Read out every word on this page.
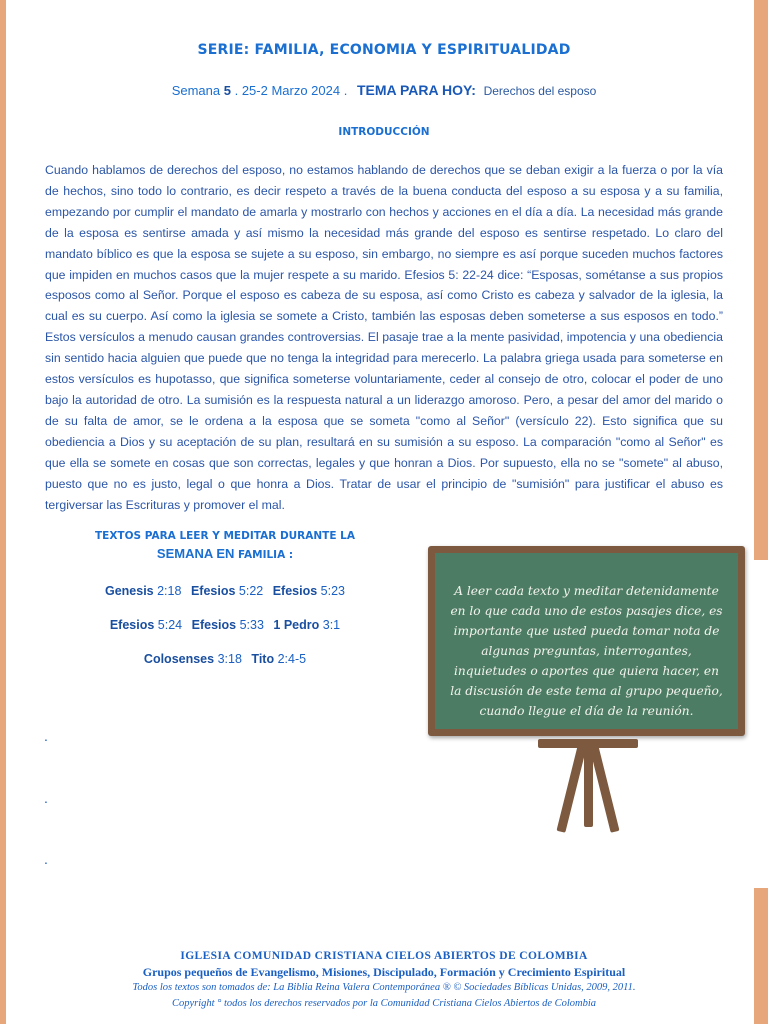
SERIE: FAMILIA, ECONOMIA Y ESPIRITUALIDAD
Semana 5 . 25-2 Marzo 2024 . TEMA PARA HOY: Derechos del esposo
INTRODUCCIÓN
Cuando hablamos de derechos del esposo, no estamos hablando de derechos que se deban exigir a la fuerza o por la vía de hechos, sino todo lo contrario, es decir respeto a través de la buena conducta del esposo a su esposa y a su familia, empezando por cumplir el mandato de amarla y mostrarlo con hechos y acciones en el día a día. La necesidad más grande de la esposa es sentirse amada y así mismo la necesidad más grande del esposo es sentirse respetado. Lo claro del mandato bíblico es que la esposa se sujete a su esposo, sin embargo, no siempre es así porque suceden muchos factores que impiden en muchos casos que la mujer respete a su marido. Efesios 5: 22-24 dice: “Esposas, sométanse a sus propios esposos como al Señor. Porque el esposo es cabeza de su esposa, así como Cristo es cabeza y salvador de la iglesia, la cual es su cuerpo. Así como la iglesia se somete a Cristo, también las esposas deben someterse a sus esposos en todo.” Estos versículos a menudo causan grandes controversias. El pasaje trae a la mente pasividad, impotencia y una obediencia sin sentido hacia alguien que puede que no tenga la integridad para merecerlo. La palabra griega usada para someterse en estos versículos es hupotasso, que significa someterse voluntariamente, ceder al consejo de otro, colocar el poder de uno bajo la autoridad de otro. La sumisión es la respuesta natural a un liderazgo amoroso. Pero, a pesar del amor del marido o de su falta de amor, se le ordena a la esposa que se someta "como al Señor" (versículo 22). Esto significa que su obediencia a Dios y su aceptación de su plan, resultará en su sumisión a su esposo. La comparación "como al Señor" es que ella se somete en cosas que son correctas, legales y que honran a Dios. Por supuesto, ella no se "somete" al abuso, puesto que no es justo, legal o que honra a Dios. Tratar de usar el principio de "sumisión" para justificar el abuso es tergiversar las Escrituras y promover el mal.
TEXTOS PARA LEER Y MEDITAR DURANTE LA
SEMANA EN FAMILIA :
Genesis 2:18 Efesios 5:22 Efesios 5:23
Efesios 5:24 Efesios 5:33 1 Pedro 3:1
Colosenses 3:18 Tito 2:4-5
.
.
.
A leer cada texto y meditar detenidamente en lo que cada uno de estos pasajes dice, es importante que usted pueda tomar nota de algunas preguntas, interrogantes, inquietudes o aportes que quiera hacer, en la discusión de este tema al grupo pequeño, cuando llegue el día de la reunión.
IGLESIA COMUNIDAD CRISTIANA CIELOS ABIERTOS DE COLOMBIA
Grupos pequeños de Evangelismo, Misiones, Discipulado, Formación y Crecimiento Espiritual
Todos los textos son tomados de: La Biblia Reina Valera Contemporánea ® © Sociedades Bíblicas Unidas, 2009, 2011.
Copyright ° todos los derechos reservados por la Comunidad Cristiana Cielos Abiertos de Colombia
